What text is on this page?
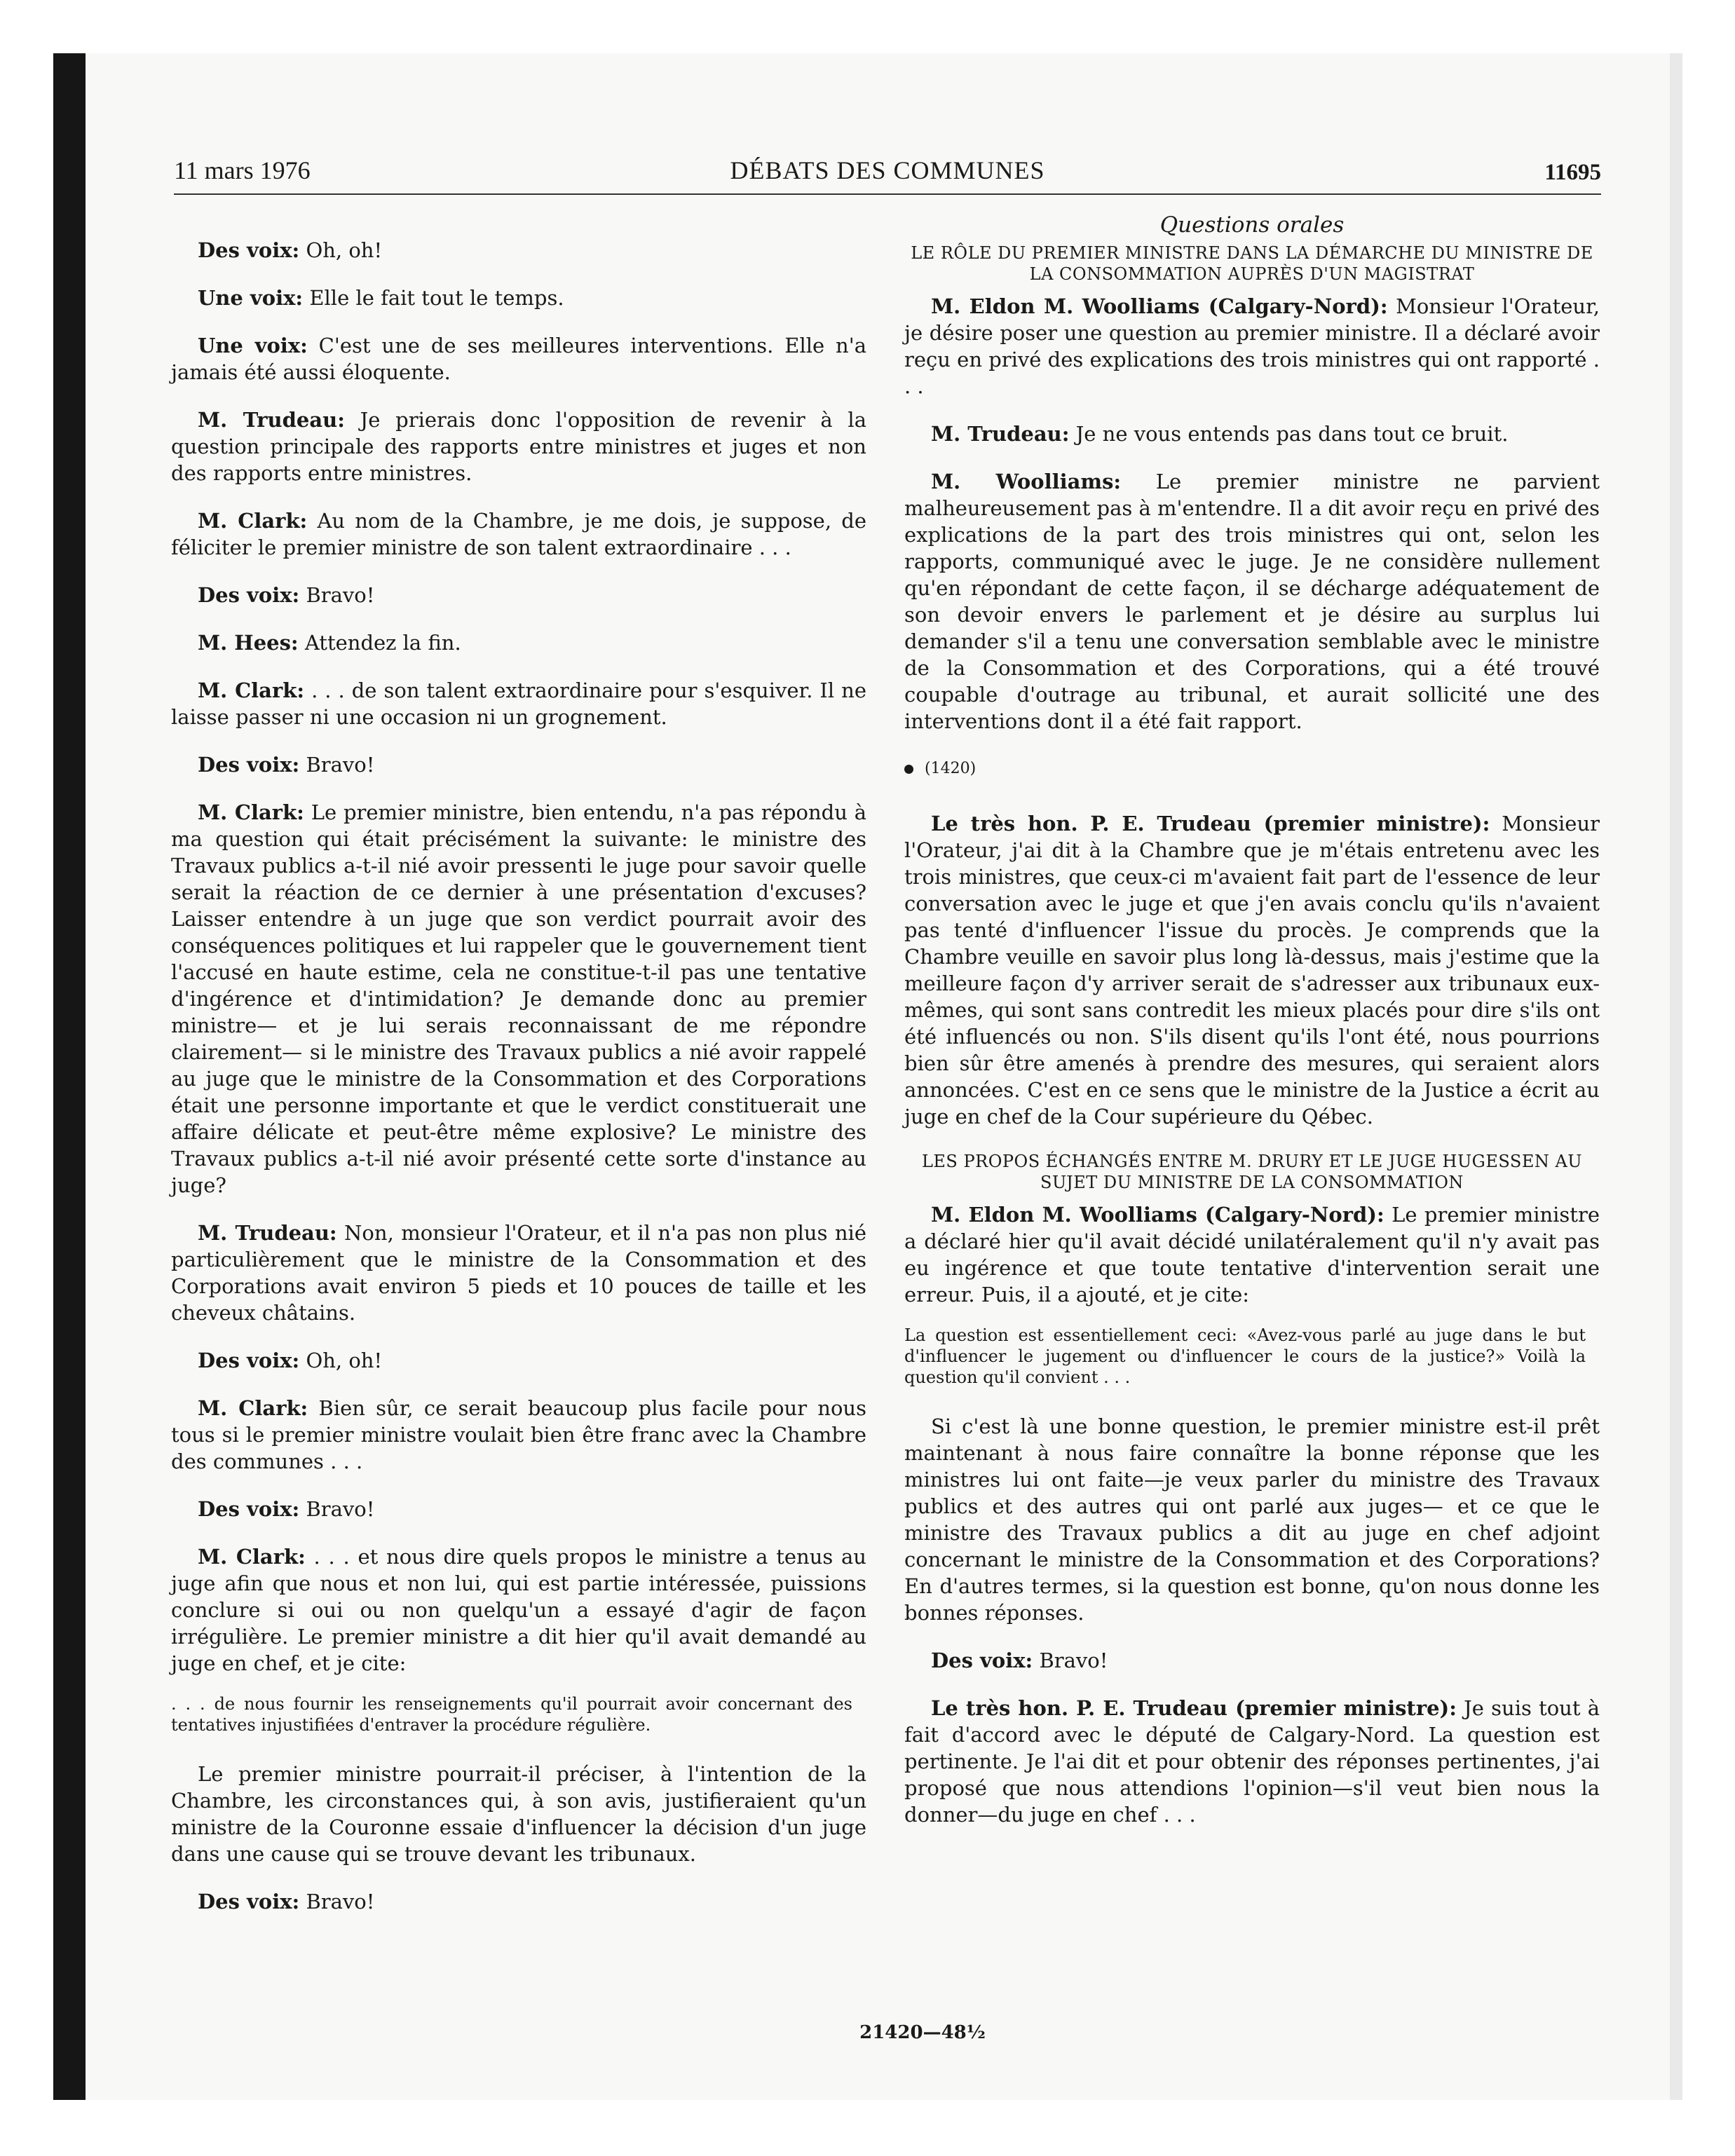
11 mars 1976	DÉBATS DES COMMUNES	11695

Des voix: Oh, oh!

Une voix: Elle le fait tout le temps.

Une voix: C'est une de ses meilleures interventions. Elle n'a jamais été aussi éloquente.

M. Trudeau: Je prierais donc l'opposition de revenir à la question principale des rapports entre ministres et juges et non des rapports entre ministres.

M. Clark: Au nom de la Chambre, je me dois, je suppose, de féliciter le premier ministre de son talent extraordinaire . . .

Des voix: Bravo!

M. Hees: Attendez la fin.

M. Clark: . . . de son talent extraordinaire pour s'esquiver. Il ne laisse passer ni une occasion ni un grognement.

Des voix: Bravo!

M. Clark: Le premier ministre, bien entendu, n'a pas répondu à ma question qui était précisément la suivante: le ministre des Travaux publics a-t-il nié avoir pressenti le juge pour savoir quelle serait la réaction de ce dernier à une présentation d'excuses? Laisser entendre à un juge que son verdict pourrait avoir des conséquences politiques et lui rappeler que le gouvernement tient l'accusé en haute estime, cela ne constitue-t-il pas une tentative d'ingérence et d'intimidation? Je demande donc au premier ministre— et je lui serais reconnaissant de me répondre clairement— si le ministre des Travaux publics a nié avoir rappelé au juge que le ministre de la Consommation et des Corporations était une personne importante et que le verdict constituerait une affaire délicate et peut-être même explosive? Le ministre des Travaux publics a-t-il nié avoir présenté cette sorte d'instance au juge?

M. Trudeau: Non, monsieur l'Orateur, et il n'a pas non plus nié particulièrement que le ministre de la Consommation et des Corporations avait environ 5 pieds et 10 pouces de taille et les cheveux châtains.

Des voix: Oh, oh!

M. Clark: Bien sûr, ce serait beaucoup plus facile pour nous tous si le premier ministre voulait bien être franc avec la Chambre des communes . . .

Des voix: Bravo!

M. Clark: . . . et nous dire quels propos le ministre a tenus au juge afin que nous et non lui, qui est partie intéressée, puissions conclure si oui ou non quelqu'un a essayé d'agir de façon irrégulière. Le premier ministre a dit hier qu'il avait demandé au juge en chef, et je cite:

. . . de nous fournir les renseignements qu'il pourrait avoir concernant des tentatives injustifiées d'entraver la procédure régulière.

Le premier ministre pourrait-il préciser, à l'intention de la Chambre, les circonstances qui, à son avis, justifieraient qu'un ministre de la Couronne essaie d'influencer la décision d'un juge dans une cause qui se trouve devant les tribunaux.

Des voix: Bravo!

Questions orales
LE RÔLE DU PREMIER MINISTRE DANS LA DÉMARCHE DU MINISTRE DE LA CONSOMMATION AUPRÈS D'UN MAGISTRAT

M. Eldon M. Woolliams (Calgary-Nord): Monsieur l'Orateur, je désire poser une question au premier ministre. Il a déclaré avoir reçu en privé des explications des trois ministres qui ont rapporté . . .

M. Trudeau: Je ne vous entends pas dans tout ce bruit.

M. Woolliams: Le premier ministre ne parvient malheureusement pas à m'entendre. Il a dit avoir reçu en privé des explications de la part des trois ministres qui ont, selon les rapports, communiqué avec le juge. Je ne considère nullement qu'en répondant de cette façon, il se décharge adéquatement de son devoir envers le parlement et je désire au surplus lui demander s'il a tenu une conversation semblable avec le ministre de la Consommation et des Corporations, qui a été trouvé coupable d'outrage au tribunal, et aurait sollicité une des interventions dont il a été fait rapport.

(1420)

Le très hon. P. E. Trudeau (premier ministre): Monsieur l'Orateur, j'ai dit à la Chambre que je m'étais entretenu avec les trois ministres, que ceux-ci m'avaient fait part de l'essence de leur conversation avec le juge et que j'en avais conclu qu'ils n'avaient pas tenté d'influencer l'issue du procès. Je comprends que la Chambre veuille en savoir plus long là-dessus, mais j'estime que la meilleure façon d'y arriver serait de s'adresser aux tribunaux eux-mêmes, qui sont sans contredit les mieux placés pour dire s'ils ont été influencés ou non. S'ils disent qu'ils l'ont été, nous pourrions bien sûr être amenés à prendre des mesures, qui seraient alors annoncées. C'est en ce sens que le ministre de la Justice a écrit au juge en chef de la Cour supérieure du Qébec.

LES PROPOS ÉCHANGÉS ENTRE M. DRURY ET LE JUGE HUGESSEN AU SUJET DU MINISTRE DE LA CONSOMMATION

M. Eldon M. Woolliams (Calgary-Nord): Le premier ministre a déclaré hier qu'il avait décidé unilatéralement qu'il n'y avait pas eu ingérence et que toute tentative d'intervention serait une erreur. Puis, il a ajouté, et je cite:

La question est essentiellement ceci: «Avez-vous parlé au juge dans le but d'influencer le jugement ou d'influencer le cours de la justice?» Voilà la question qu'il convient . . .

Si c'est là une bonne question, le premier ministre est-il prêt maintenant à nous faire connaître la bonne réponse que les ministres lui ont faite—je veux parler du ministre des Travaux publics et des autres qui ont parlé aux juges— et ce que le ministre des Travaux publics a dit au juge en chef adjoint concernant le ministre de la Consommation et des Corporations? En d'autres termes, si la question est bonne, qu'on nous donne les bonnes réponses.

Des voix: Bravo!

Le très hon. P. E. Trudeau (premier ministre): Je suis tout à fait d'accord avec le député de Calgary-Nord. La question est pertinente. Je l'ai dit et pour obtenir des réponses pertinentes, j'ai proposé que nous attendions l'opinion—s'il veut bien nous la donner—du juge en chef . . .

21420—48½
